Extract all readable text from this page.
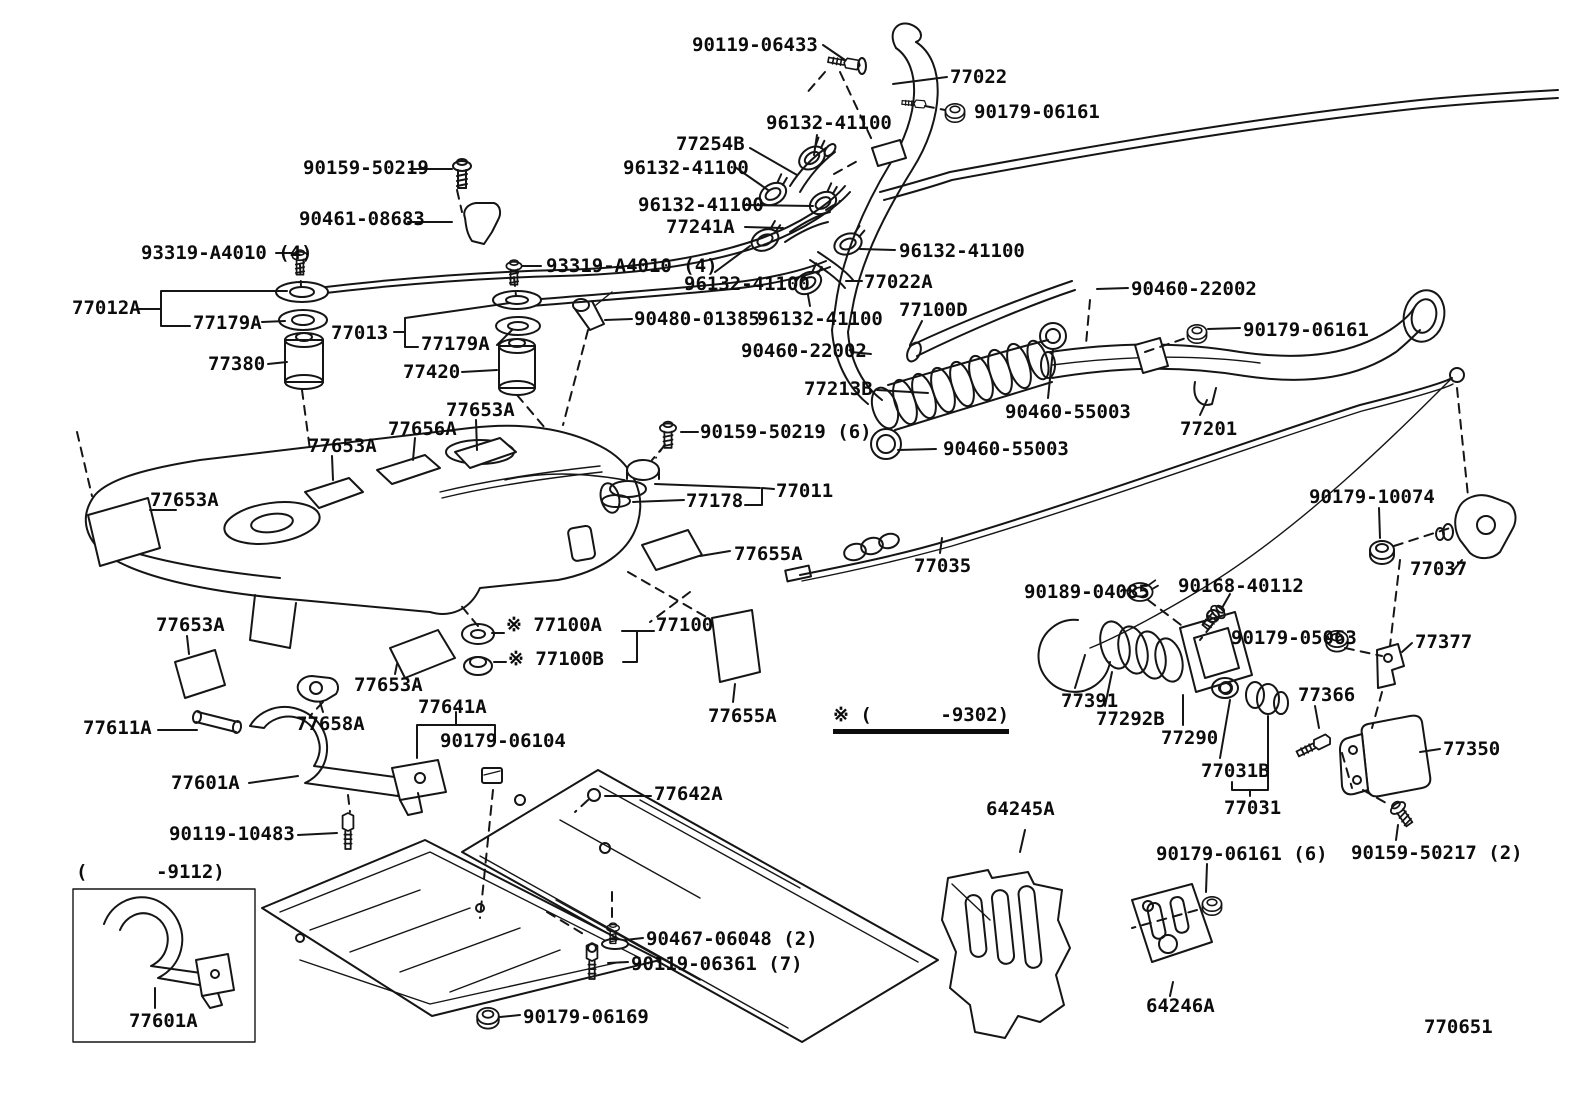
90119-06433
77022
90179-06161
96132-41100
77254B
96132-41100
90159-50219
96132-41100
77241A
90461-08683
96132-41100
93319-A4010 (4)
93319-A4010 (4)
77022A	90460-22002
77012A
96132-41100
90480-01385
96132-41100 77100D
90460-22002
77179A	77013 77179A
77380	77420
77213B
90460-55003
77201
77653A
77656A	90159-50219 (6)
90460-55003
77653A
77653A	77178 77011	90179-10074
77655A
77035	77037
90189-04085 90168-40112
77653A	※ 77100A	77100
90179-05063	77377
※ 77100B
77653A
77641A
77611A	77658A
77391
77292B
77290
77366
77350
※ (      -9302)
90179-06104
77601A
77031B
77031
77642A
64245A
90119-10483
90179-06161 (6) 90159-50217 (2)
(      -9112)
90467-06048 (2)
90119-06361 (7)
64246A
77601A	90179-06169	770651
77655A
90179-06161
